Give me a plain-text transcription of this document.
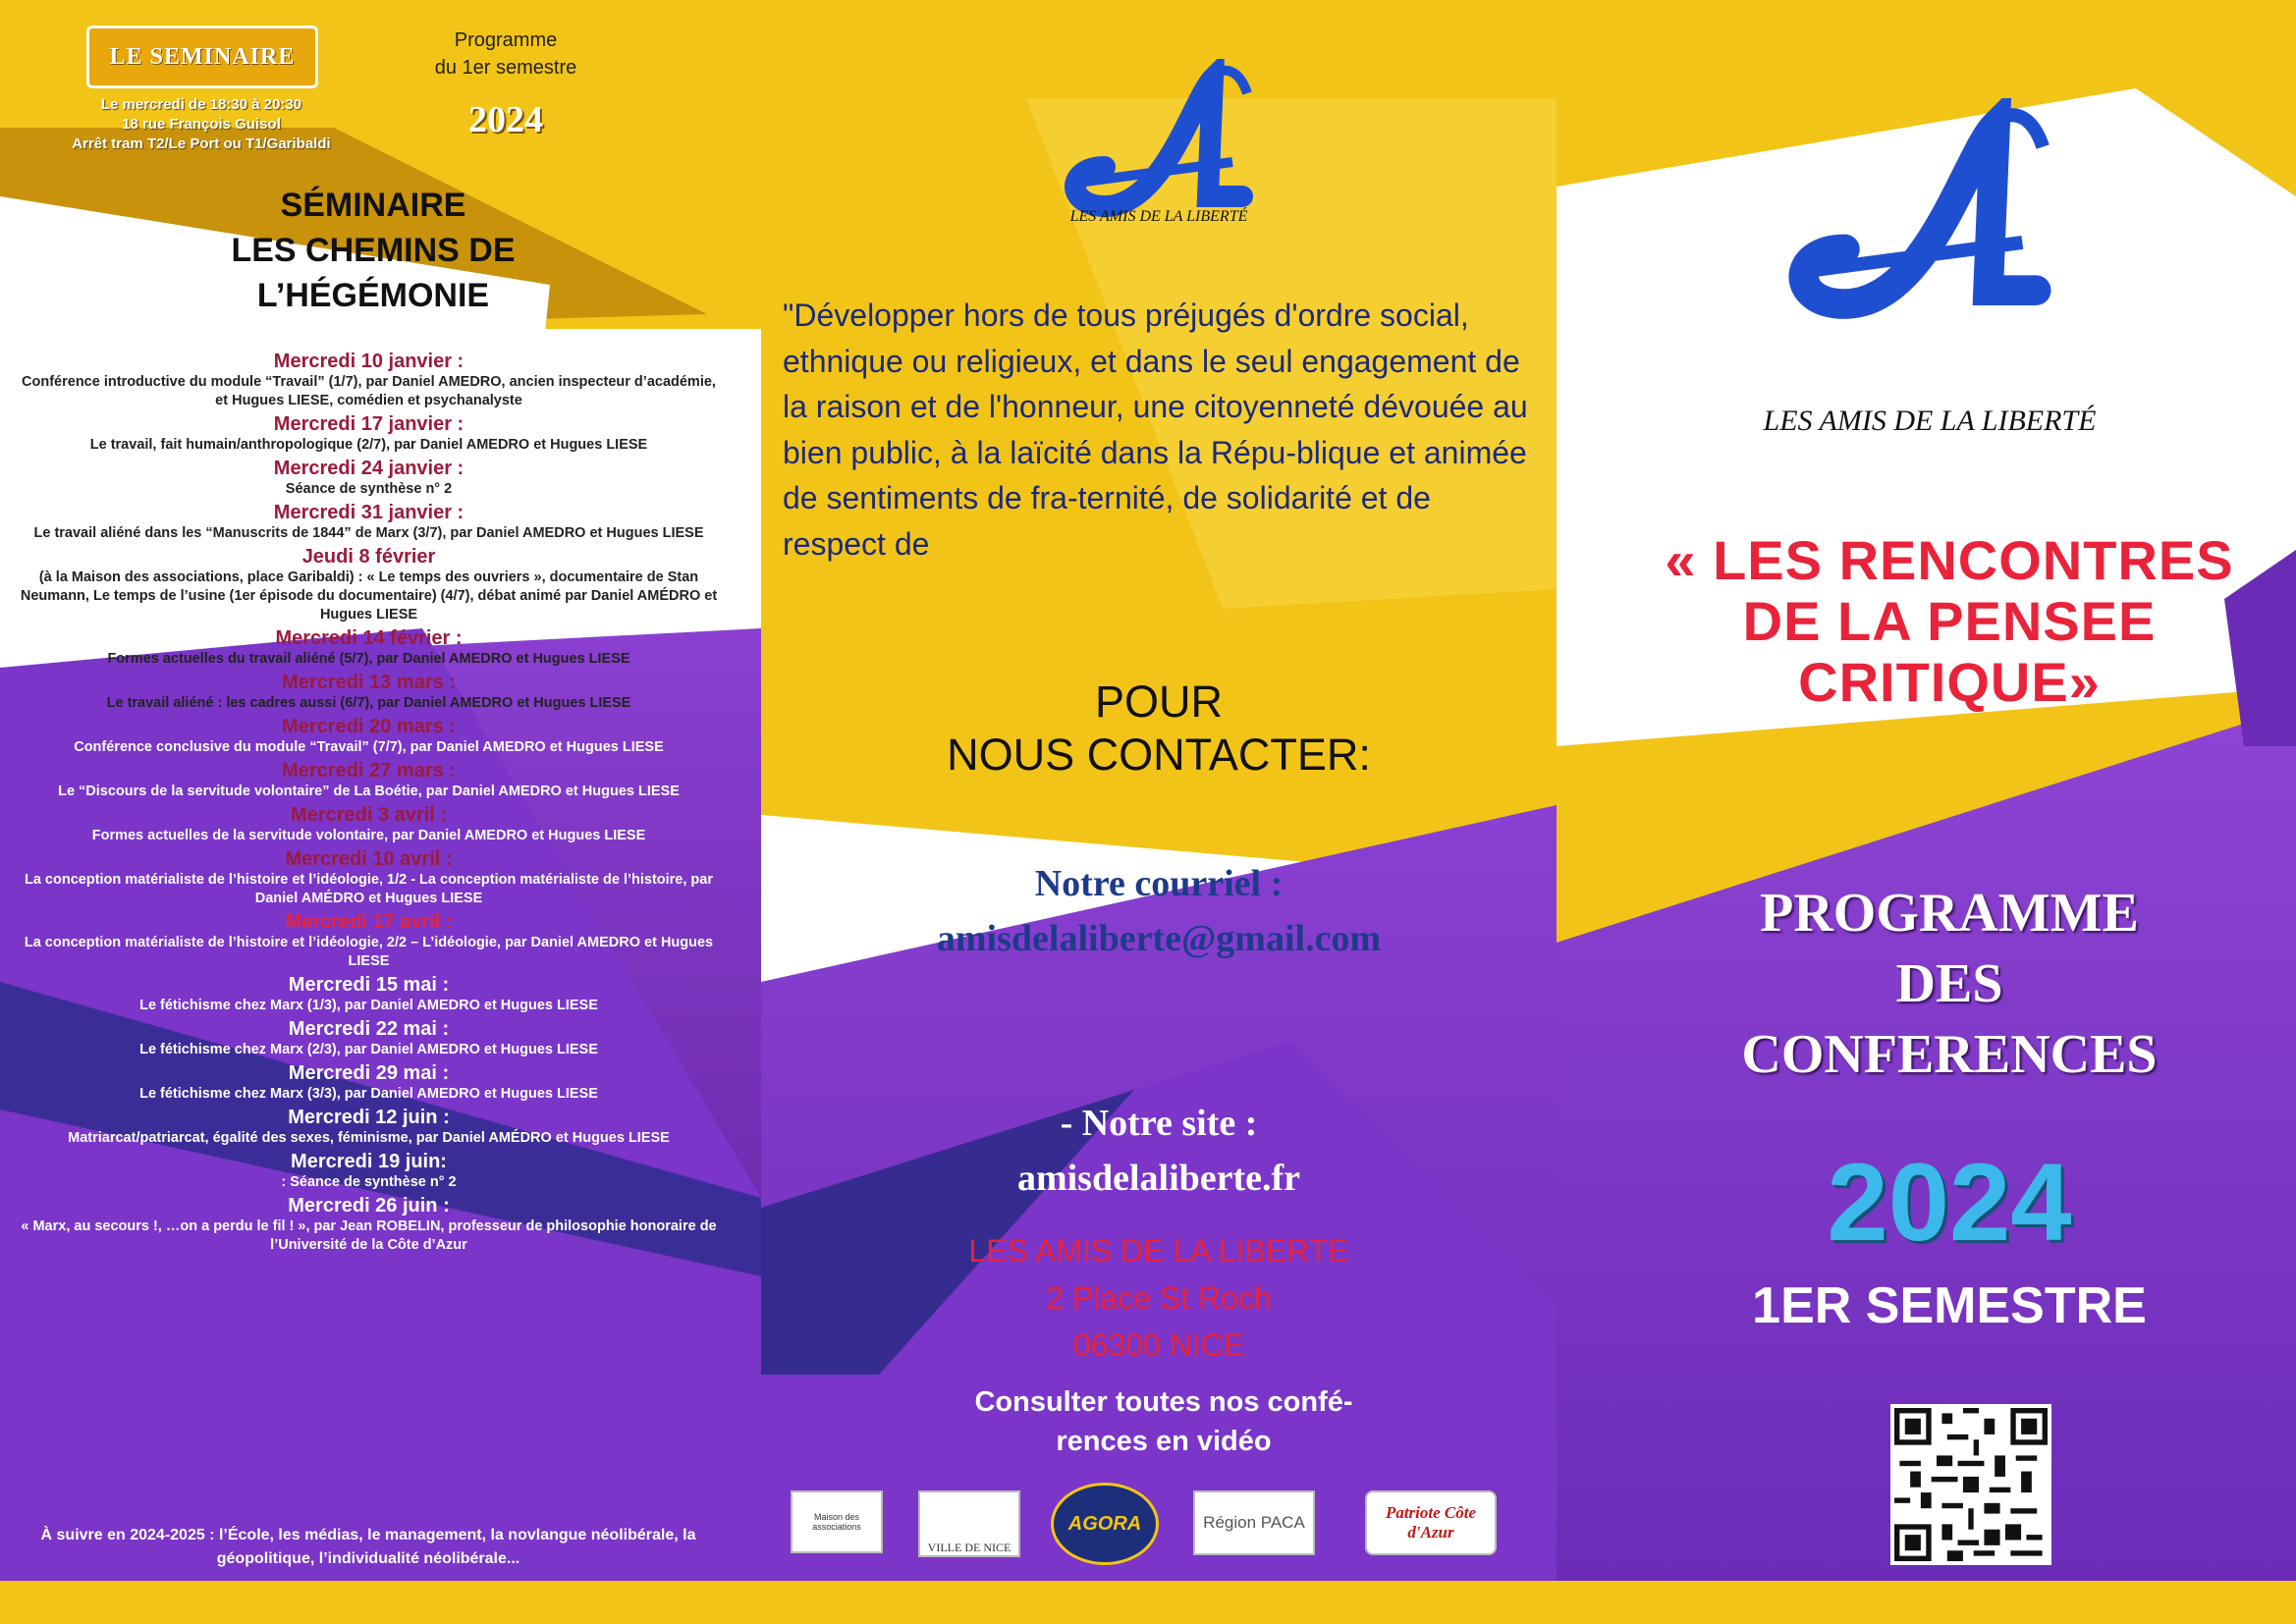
LE SEMINAIRE
Le mercredi de 18:30 à 20:30
18 rue François Guisol
Arrêt tram T2/Le Port ou T1/Garibaldi
Programme
du 1er semestre
2024
SÉMINAIRE
LES CHEMINS DE
L’HÉGÉMONIE
Mercredi 10 janvier :
Conférence introductive du module “Travail” (1/7), par Daniel AMEDRO, ancien inspecteur d’académie, et Hugues LIESE, comédien et psychanalyste
Mercredi 17 janvier :
Le travail, fait humain/anthropologique (2/7), par Daniel AMEDRO et Hugues LIESE
Mercredi 24 janvier :
Séance de synthèse n° 2
Mercredi 31 janvier :
Le travail aliéné dans les “Manuscrits de 1844” de Marx (3/7), par Daniel AMEDRO et Hugues LIESE
Jeudi 8 février
(à la Maison des associations, place Garibaldi) : « Le temps des ouvriers », documentaire de Stan Neumann, Le temps de l’usine (1er épisode du documentaire) (4/7), débat animé par Daniel AMÉDRO et Hugues LIESE
Mercredi 14 février :
Formes actuelles du travail aliéné (5/7), par Daniel AMEDRO et Hugues LIESE
Mercredi 13 mars :
Le travail aliéné : les cadres aussi (6/7), par Daniel AMEDRO et Hugues LIESE
Mercredi 20 mars :
Conférence conclusive du module “Travail” (7/7), par Daniel AMEDRO et Hugues LIESE
Mercredi 27 mars :
Le “Discours de la servitude volontaire” de La Boétie, par Daniel AMEDRO et Hugues LIESE
Mercredi 3 avril :
Formes actuelles de la servitude volontaire, par Daniel AMEDRO et Hugues LIESE
Mercredi 10 avril :
La conception matérialiste de l’histoire et l’idéologie, 1/2 - La conception matérialiste de l’histoire, par Daniel AMÉDRO et Hugues LIESE
Mercredi 17 avril :
La conception matérialiste de l’histoire et l’idéologie, 2/2 – L’idéologie, par Daniel AMEDRO et Hugues LIESE
Mercredi 15 mai :
Le fétichisme chez Marx (1/3), par Daniel AMEDRO et Hugues LIESE
Mercredi 22 mai :
Le fétichisme chez Marx (2/3), par Daniel AMEDRO et Hugues LIESE
Mercredi 29 mai :
Le fétichisme chez Marx (3/3), par Daniel AMEDRO et Hugues LIESE
Mercredi 12 juin :
Matriarcat/patriarcat, égalité des sexes, féminisme, par Daniel AMÉDRO et Hugues LIESE
Mercredi 19 juin:
: Séance de synthèse n° 2
Mercredi 26 juin :
« Marx, au secours !, …on a perdu le fil ! », par Jean ROBELIN, professeur de philosophie honoraire de l’Université de la Côte d’Azur
À suivre en 2024-2025 : l’École, les médias, le management, la novlangue néolibérale, la géopolitique, l’individualité néolibérale...
LES AMIS DE LA LIBERTÉ
"Développer hors de tous préjugés d'ordre social, ethnique ou religieux, et dans le seul engagement de la raison et de l'honneur, une citoyenneté dévouée au bien public, à la laïcité dans la Répu-blique et animée de sentiments de fra-ternité, de solidarité et de respect de
POUR
NOUS CONTACTER:
Notre courriel :
amisdelaliberte@gmail.com
- Notre site :
amisdelaliberte.fr
LES AMIS DE LA LIBERTE
2 Place St Roch
06300 NICE
Consulter toutes nos confé-
rences en vidéo
Maison des associations
VILLE DE NICE
AGORA	Région PACA
Patriote Côte d'Azur
LES AMIS DE LA LIBERTÉ
« LES RENCONTRES
DE LA PENSEE
CRITIQUE»
PROGRAMME
DES
CONFERENCES
2024
1ER SEMESTRE
